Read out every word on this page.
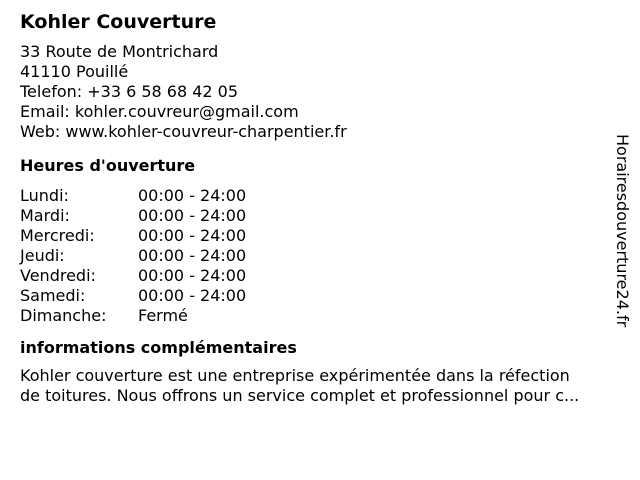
Kohler Couverture
33 Route de Montrichard
41110 Pouillé
Telefon: +33 6 58 68 42 05
Email: kohler.couvreur@gmail.com
Web: www.kohler-couvreur-charpentier.fr
Heures d'ouverture
Lundi:	00:00 - 24:00
Mardi:	00:00 - 24:00
Mercredi:	00:00 - 24:00
Jeudi:	00:00 - 24:00
Vendredi:	00:00 - 24:00
Samedi:	00:00 - 24:00
Dimanche:	Fermé
informations complémentaires
Kohler couverture est une entreprise expérimentée dans la réfection
de toitures. Nous offrons un service complet et professionnel pour c...
Horairesdouverture24.fr
